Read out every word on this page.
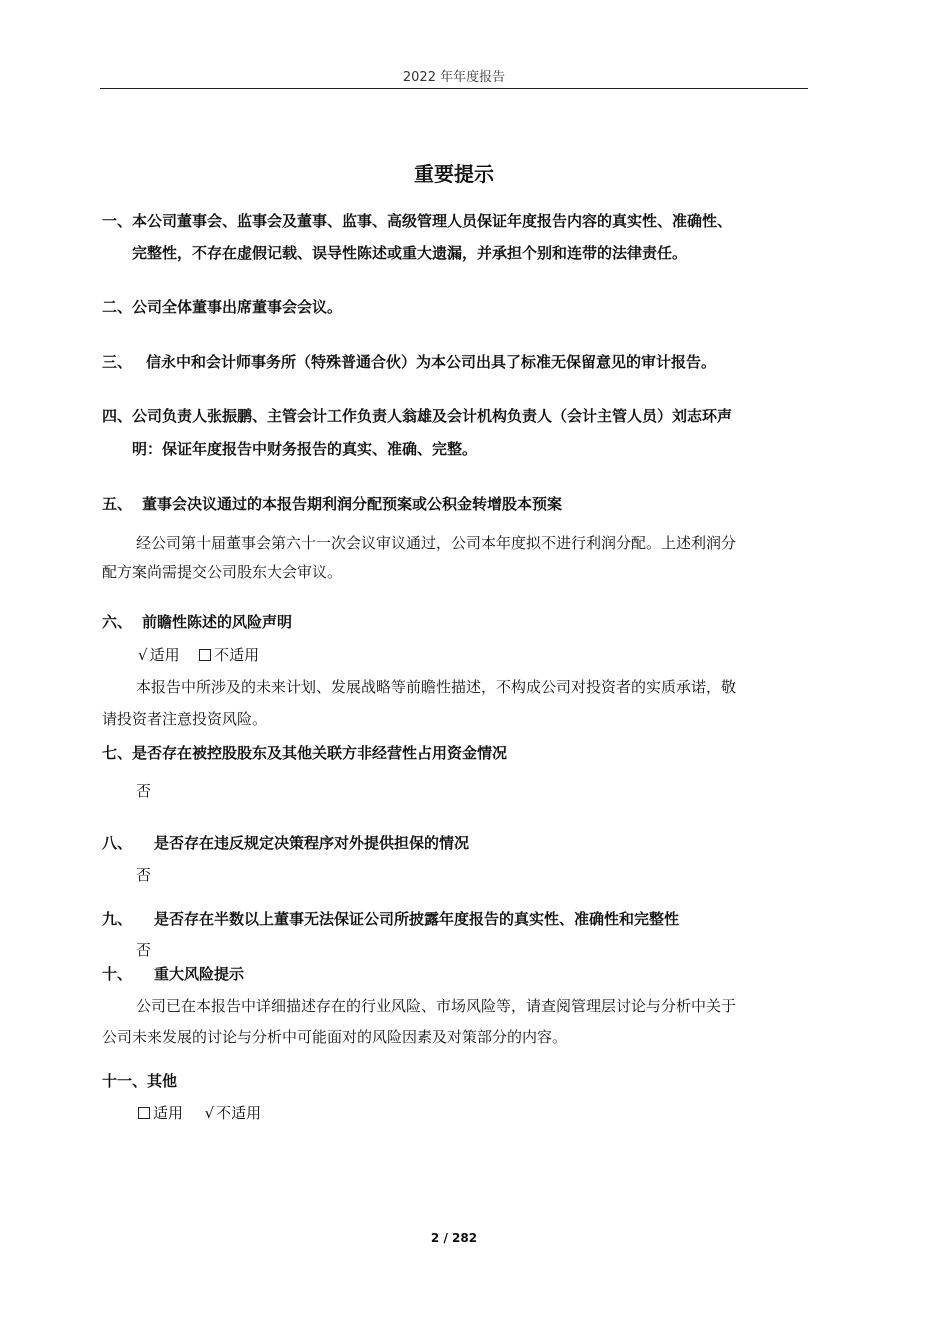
2022 年年度报告
重要提示
一、本公司董事会、监事会及董事、监事、高级管理人员保证年度报告内容的真实性、准确性、
完整性，不存在虚假记载、误导性陈述或重大遗漏，并承担个别和连带的法律责任。
二、公司全体董事出席董事会会议。
三、 信永中和会计师事务所（特殊普通合伙）为本公司出具了标准无保留意见的审计报告。
四、公司负责人张振鹏、主管会计工作负责人翁雄及会计机构负责人（会计主管人员）刘志环声
明：保证年度报告中财务报告的真实、准确、完整。
五、 董事会决议通过的本报告期利润分配预案或公积金转增股本预案
经公司第十届董事会第六十一次会议审议通过，公司本年度拟不进行利润分配。上述利润分
配方案尚需提交公司股东大会审议。
六、 前瞻性陈述的风险声明
√ 适用 不适用
本报告中所涉及的未来计划、发展战略等前瞻性描述，不构成公司对投资者的实质承诺，敬
请投资者注意投资风险。
七、是否存在被控股股东及其他关联方非经营性占用资金情况
否
八、 是否存在违反规定决策程序对外提供担保的情况
否
九、 是否存在半数以上董事无法保证公司所披露年度报告的真实性、准确性和完整性
否
十、 重大风险提示
公司已在本报告中详细描述存在的行业风险、市场风险等，请查阅管理层讨论与分析中关于
公司未来发展的讨论与分析中可能面对的风险因素及对策部分的内容。
十一、其他
适用 √ 不适用
2 / 282
